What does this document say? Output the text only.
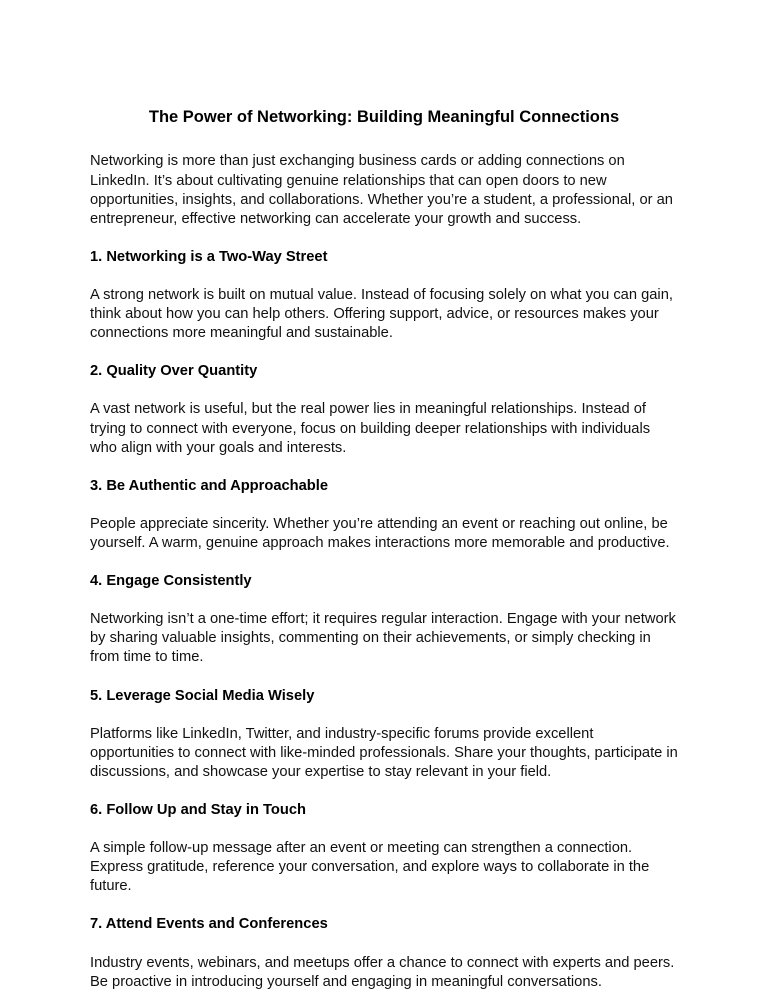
The Power of Networking: Building Meaningful Connections

Networking is more than just exchanging business cards or adding connections on LinkedIn. It’s about cultivating genuine relationships that can open doors to new opportunities, insights, and collaborations. Whether you’re a student, a professional, or an entrepreneur, effective networking can accelerate your growth and success.

1. Networking is a Two-Way Street

A strong network is built on mutual value. Instead of focusing solely on what you can gain, think about how you can help others. Offering support, advice, or resources makes your connections more meaningful and sustainable.

2. Quality Over Quantity

A vast network is useful, but the real power lies in meaningful relationships. Instead of trying to connect with everyone, focus on building deeper relationships with individuals who align with your goals and interests.

3. Be Authentic and Approachable

People appreciate sincerity. Whether you’re attending an event or reaching out online, be yourself. A warm, genuine approach makes interactions more memorable and productive.

4. Engage Consistently

Networking isn’t a one-time effort; it requires regular interaction. Engage with your network by sharing valuable insights, commenting on their achievements, or simply checking in from time to time.

5. Leverage Social Media Wisely

Platforms like LinkedIn, Twitter, and industry-specific forums provide excellent opportunities to connect with like-minded professionals. Share your thoughts, participate in discussions, and showcase your expertise to stay relevant in your field.

6. Follow Up and Stay in Touch

A simple follow-up message after an event or meeting can strengthen a connection. Express gratitude, reference your conversation, and explore ways to collaborate in the future.

7. Attend Events and Conferences

Industry events, webinars, and meetups offer a chance to connect with experts and peers. Be proactive in introducing yourself and engaging in meaningful conversations.
